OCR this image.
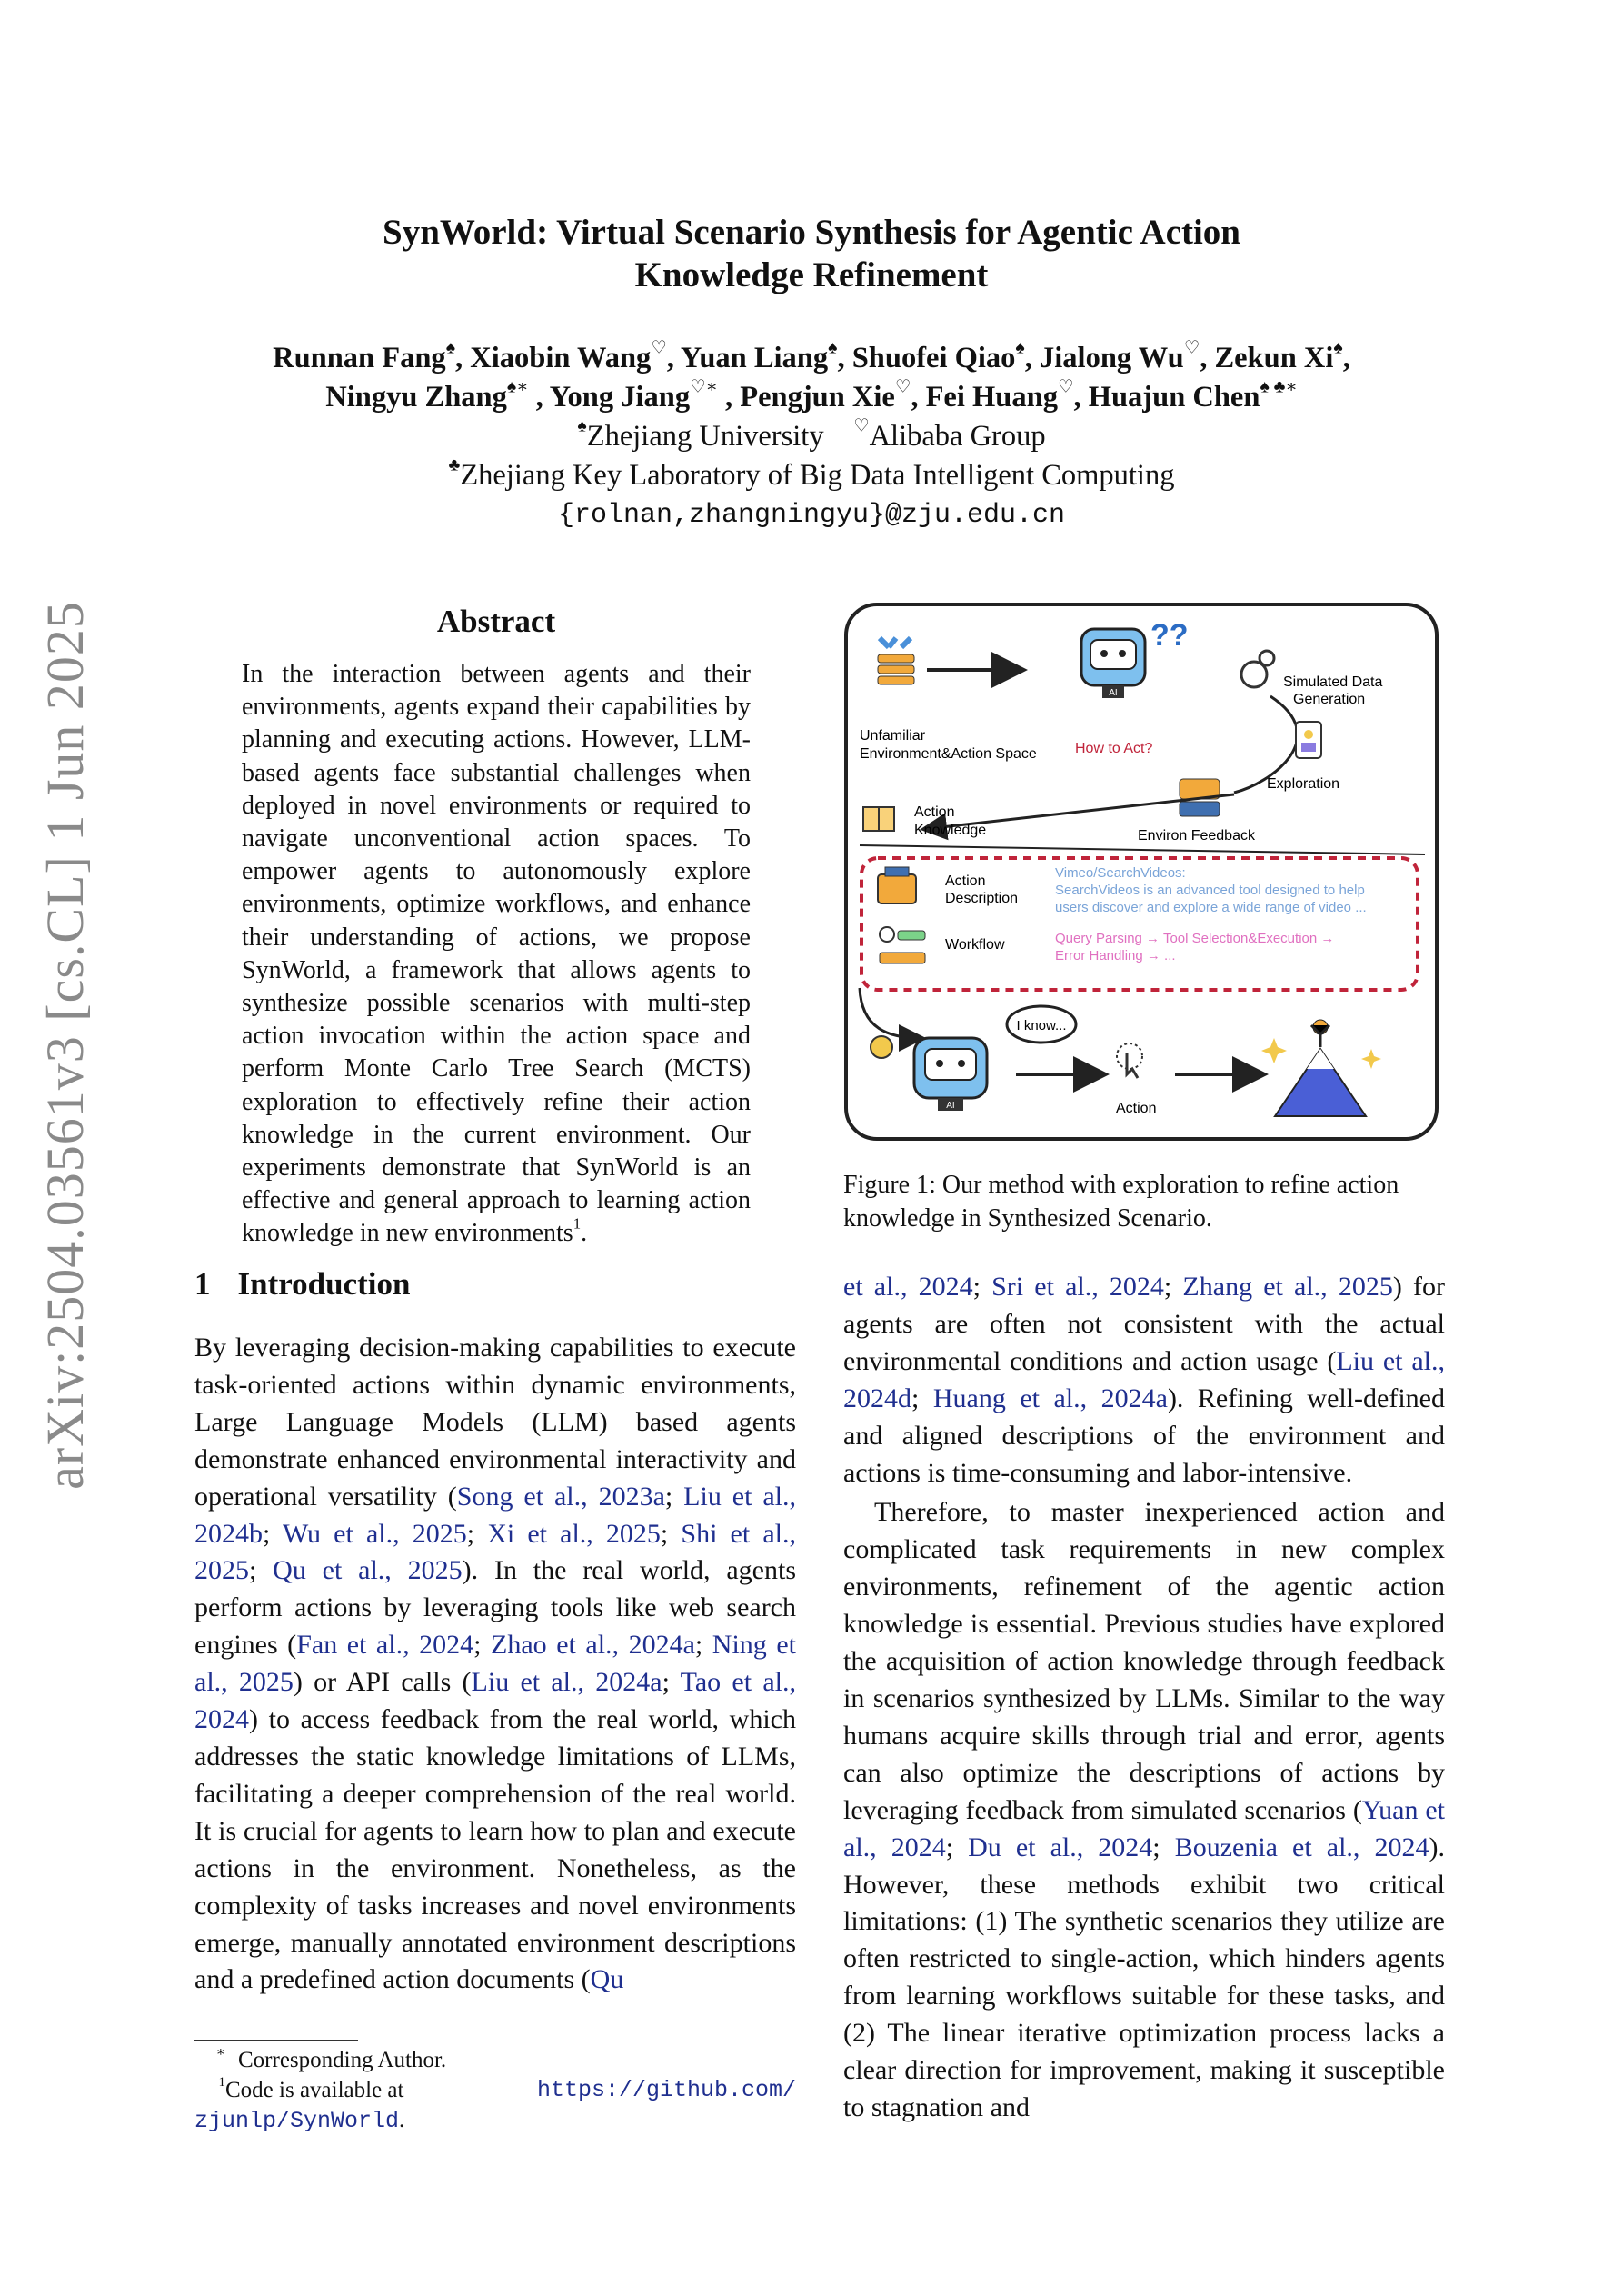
arXiv:2504.03561v3 [cs.CL] 1 Jun 2025
SynWorld: Virtual Scenario Synthesis for Agentic Action
Knowledge Refinement
Runnan Fang♠, Xiaobin Wang♡, Yuan Liang♠, Shuofei Qiao♠, Jialong Wu♡, Zekun Xi♠,
Ningyu Zhang♠∗ , Yong Jiang♡∗ , Pengjun Xie♡, Fei Huang♡, Huajun Chen♠ ♣∗
♠Zhejiang University ♡Alibaba Group
♣Zhejiang Key Laboratory of Big Data Intelligent Computing
{rolnan,zhangningyu}@zju.edu.cn
Abstract
In the interaction between agents and their environments, agents expand their capabilities by planning and executing actions. However, LLM-based agents face substantial challenges when deployed in novel environments or required to navigate unconventional action spaces. To empower agents to autonomously explore environments, optimize workflows, and enhance their understanding of actions, we propose SynWorld, a framework that allows agents to synthesize possible scenarios with multi-step action invocation within the action space and perform Monte Carlo Tree Search (MCTS) exploration to effectively refine their action knowledge in the current environment. Our experiments demonstrate that SynWorld is an effective and general approach to learning action knowledge in new environments$^1$.
AI
??
Unfamiliar
Environment&Action Space	How to Act?
Simulated Data
Generation
Exploration
Action
Knowledge	Environ Feedback
Action
Description
Vimeo/SearchVideos:
SearchVideos is an advanced tool designed to help
users discover and explore a wide range of video ...
Workflow	Query Parsing → Tool Selection&Execution →
Error Handling → ...
AI
I know...
Action
Figure 1: Our method with exploration to refine action knowledge in Synthesized Scenario.
1 Introduction
By leveraging decision-making capabilities to execute task-oriented actions within dynamic environments, Large Language Models (LLM) based agents demonstrate enhanced environmental interactivity and operational versatility (Song et al., 2023a; Liu et al., 2024b; Wu et al., 2025; Xi et al., 2025; Shi et al., 2025; Qu et al., 2025). In the real world, agents perform actions by leveraging tools like web search engines (Fan et al., 2024; Zhao et al., 2024a; Ning et al., 2025) or API calls (Liu et al., 2024a; Tao et al., 2024) to access feedback from the real world, which addresses the static knowledge limitations of LLMs, facilitating a deeper comprehension of the real world. It is crucial for agents to learn how to plan and execute actions in the environment. Nonetheless, as the complexity of tasks increases and novel environments emerge, manually annotated environment descriptions and a predefined action documents (Qu
∗ Corresponding Author.
$^1$Code is available at	https://github.com/

zjunlp/SynWorld.
et al., 2024; Sri et al., 2024; Zhang et al., 2025) for agents are often not consistent with the actual environmental conditions and action usage (Liu et al., 2024d; Huang et al., 2024a). Refining well-defined and aligned descriptions of the environment and actions is time-consuming and labor-intensive.
Therefore, to master inexperienced action and complicated task requirements in new complex environments, refinement of the agentic action knowledge is essential. Previous studies have explored the acquisition of action knowledge through feedback in scenarios synthesized by LLMs. Similar to the way humans acquire skills through trial and error, agents can also optimize the descriptions of actions by leveraging feedback from simulated scenarios (Yuan et al., 2024; Du et al., 2024; Bouzenia et al., 2024). However, these methods exhibit two critical limitations: (1) The synthetic scenarios they utilize are often restricted to single-action, which hinders agents from learning workflows suitable for these tasks, and (2) The linear iterative optimization process lacks a clear direction for improvement, making it susceptible to stagnation and
